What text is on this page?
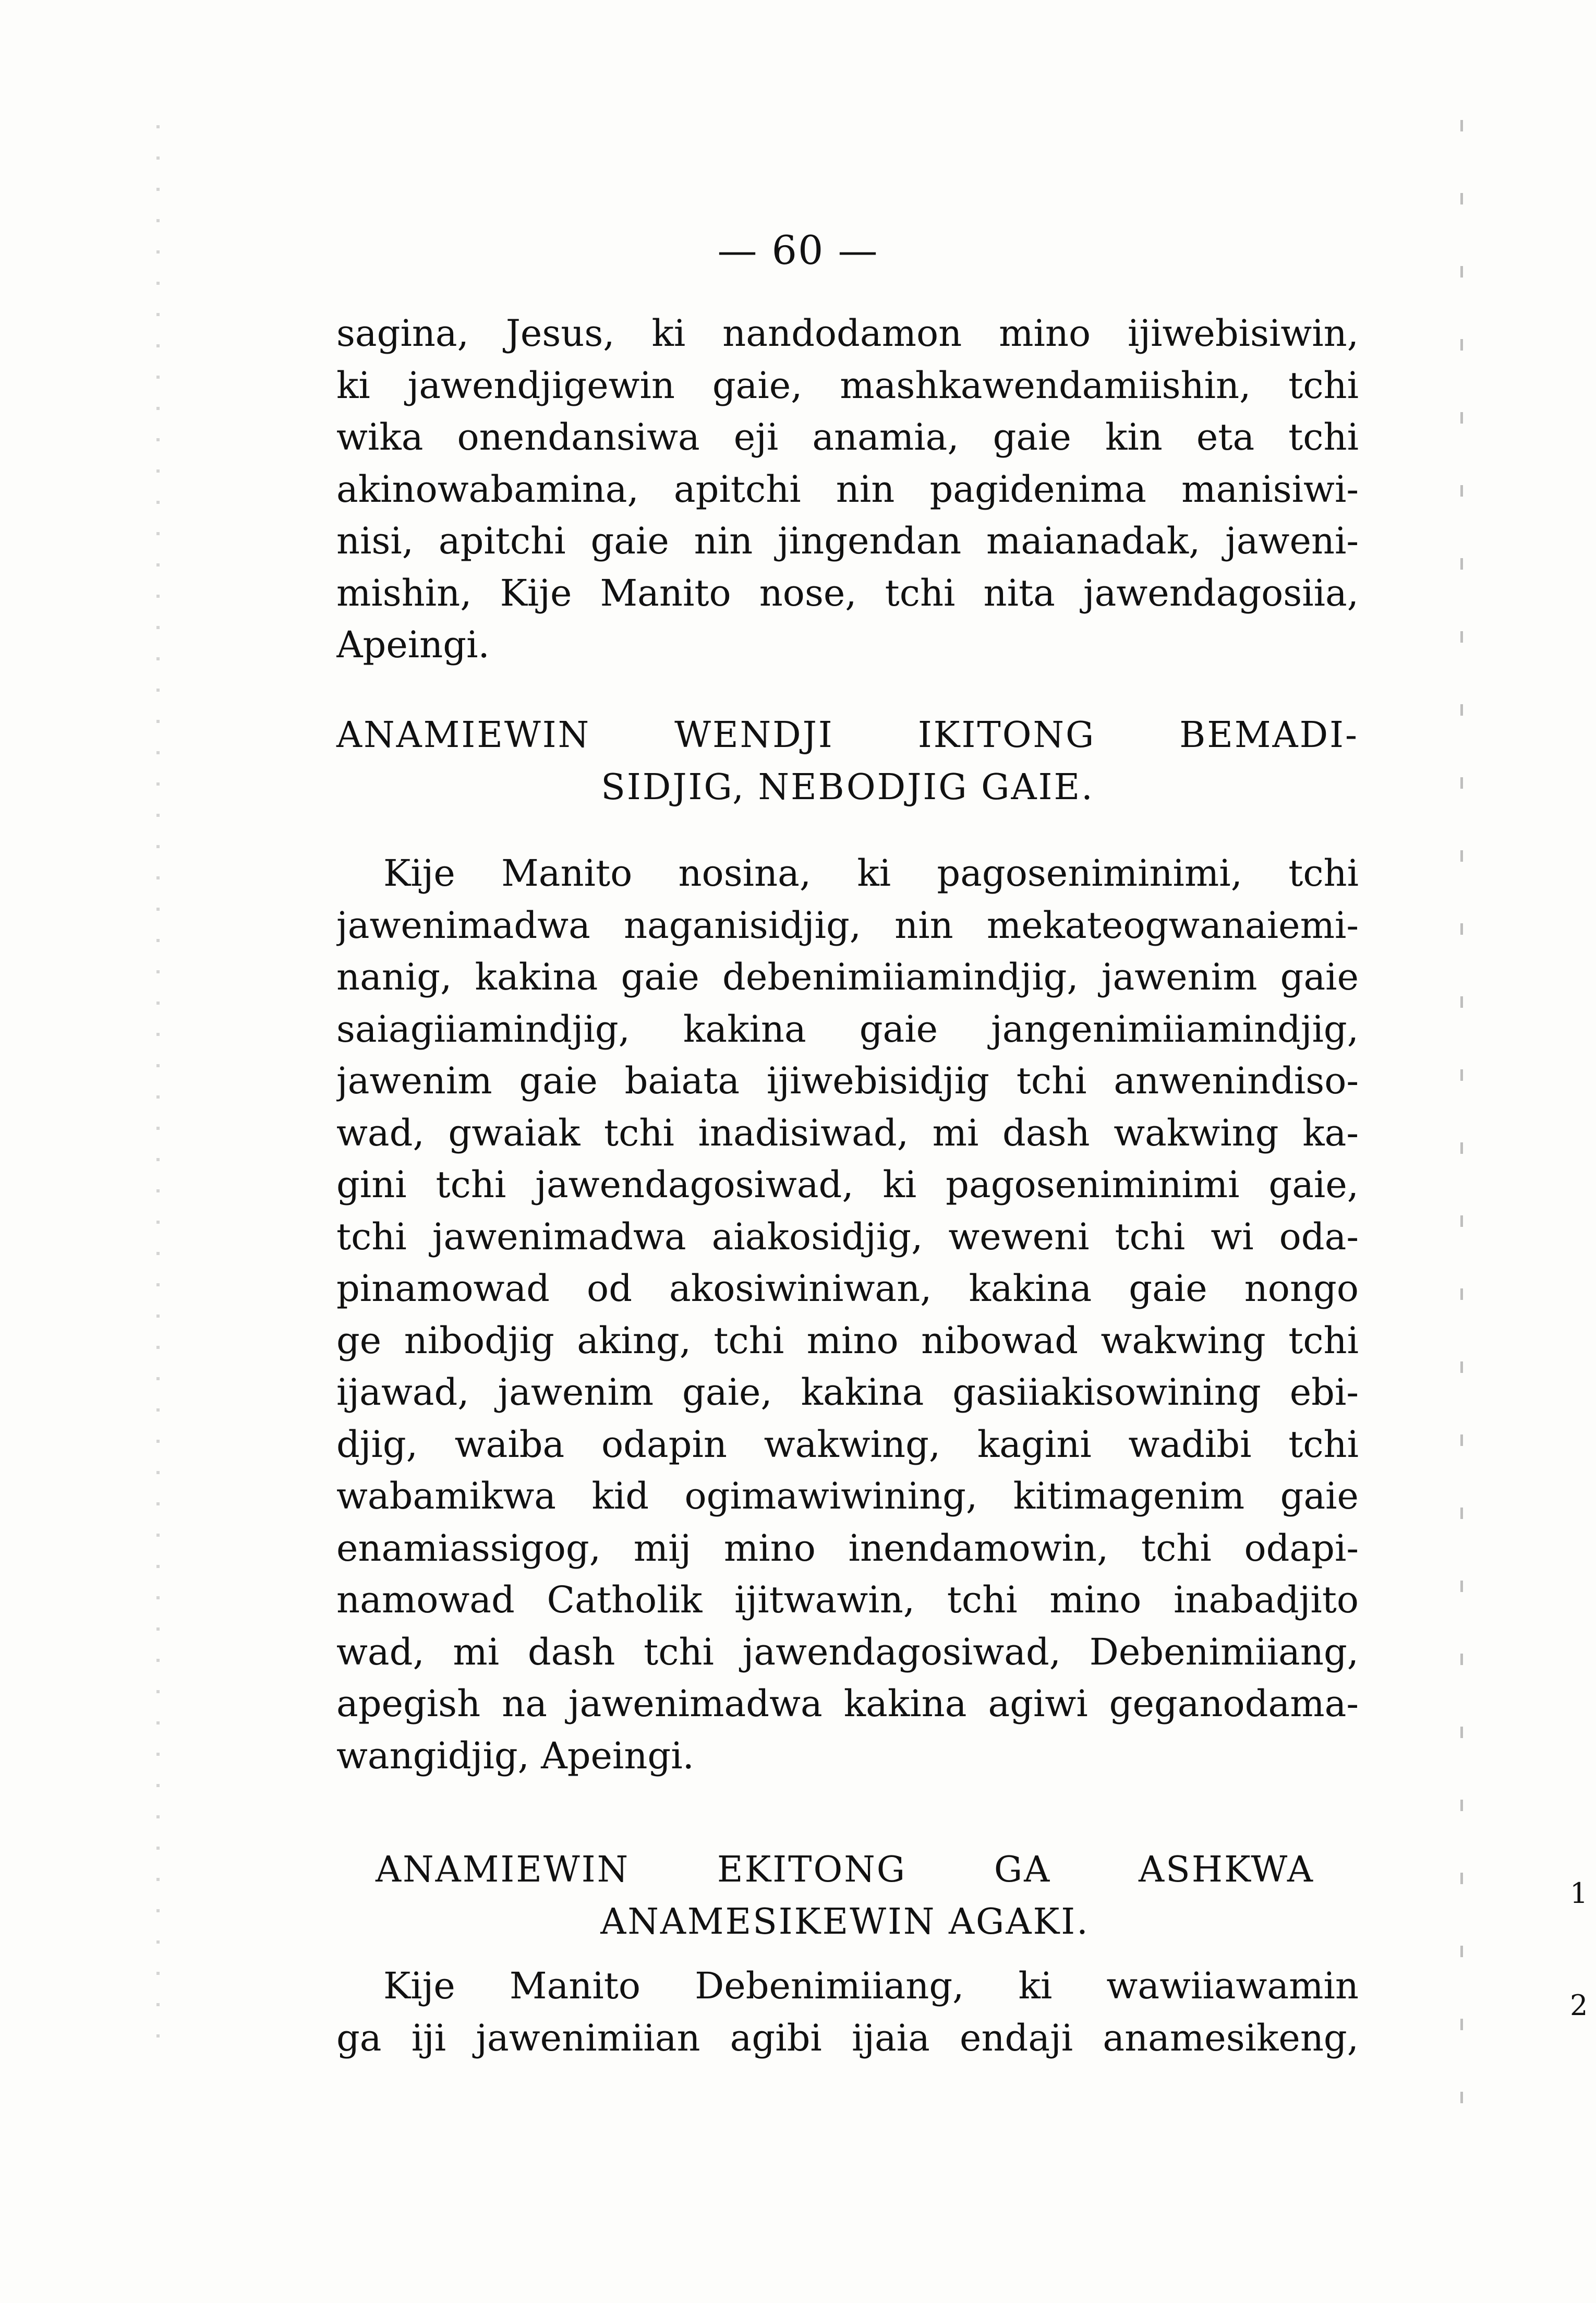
— 60 —
sagina, Jesus, ki nandodamon mino ijiwebisiwin,
ki jawendjigewin gaie, mashkawendamiishin, tchi
wika onendansiwa eji anamia, gaie kin eta tchi
akinowabamina, apitchi nin pagidenima manisiwi-
nisi, apitchi gaie nin jingendan maianadak, jaweni-
mishin, Kije Manito nose, tchi nita jawendagosiia,
Apeingi.
ANAMIEWIN WENDJI IKITONG BEMADI-
SIDJIG, NEBODJIG GAIE.
Kije Manito nosina, ki pagoseniminimi, tchi
jawenimadwa naganisidjig, nin mekateogwanaiemi-
nanig, kakina gaie debenimiiamindjig, jawenim gaie
saiagiiamindjig, kakina gaie jangenimiiamindjig,
jawenim gaie baiata ijiwebisidjig tchi anwenindiso-
wad, gwaiak tchi inadisiwad, mi dash wakwing ka-
gini tchi jawendagosiwad, ki pagoseniminimi gaie,
tchi jawenimadwa aiakosidjig, weweni tchi wi oda-
pinamowad od akosiwiniwan, kakina gaie nongo
ge nibodjig aking, tchi mino nibowad wakwing tchi
ijawad, jawenim gaie, kakina gasiiakisowining ebi-
djig, waiba odapin wakwing, kagini wadibi tchi
wabamikwa kid ogimawiwining, kitimagenim gaie
enamiassigog, mij mino inendamowin, tchi odapi-
namowad Catholik ijitwawin, tchi mino inabadjito
wad, mi dash tchi jawendagosiwad, Debenimiiang,
apegish na jawenimadwa kakina agiwi geganodama-
wangidjig, Apeingi.
ANAMIEWIN EKITONG GA ASHKWA
ANAMESIKEWIN AGAKI.
Kije Manito Debenimiiang, ki wawiiawamin
ga iji jawenimiian agibi ijaia endaji anamesikeng,
1
2
